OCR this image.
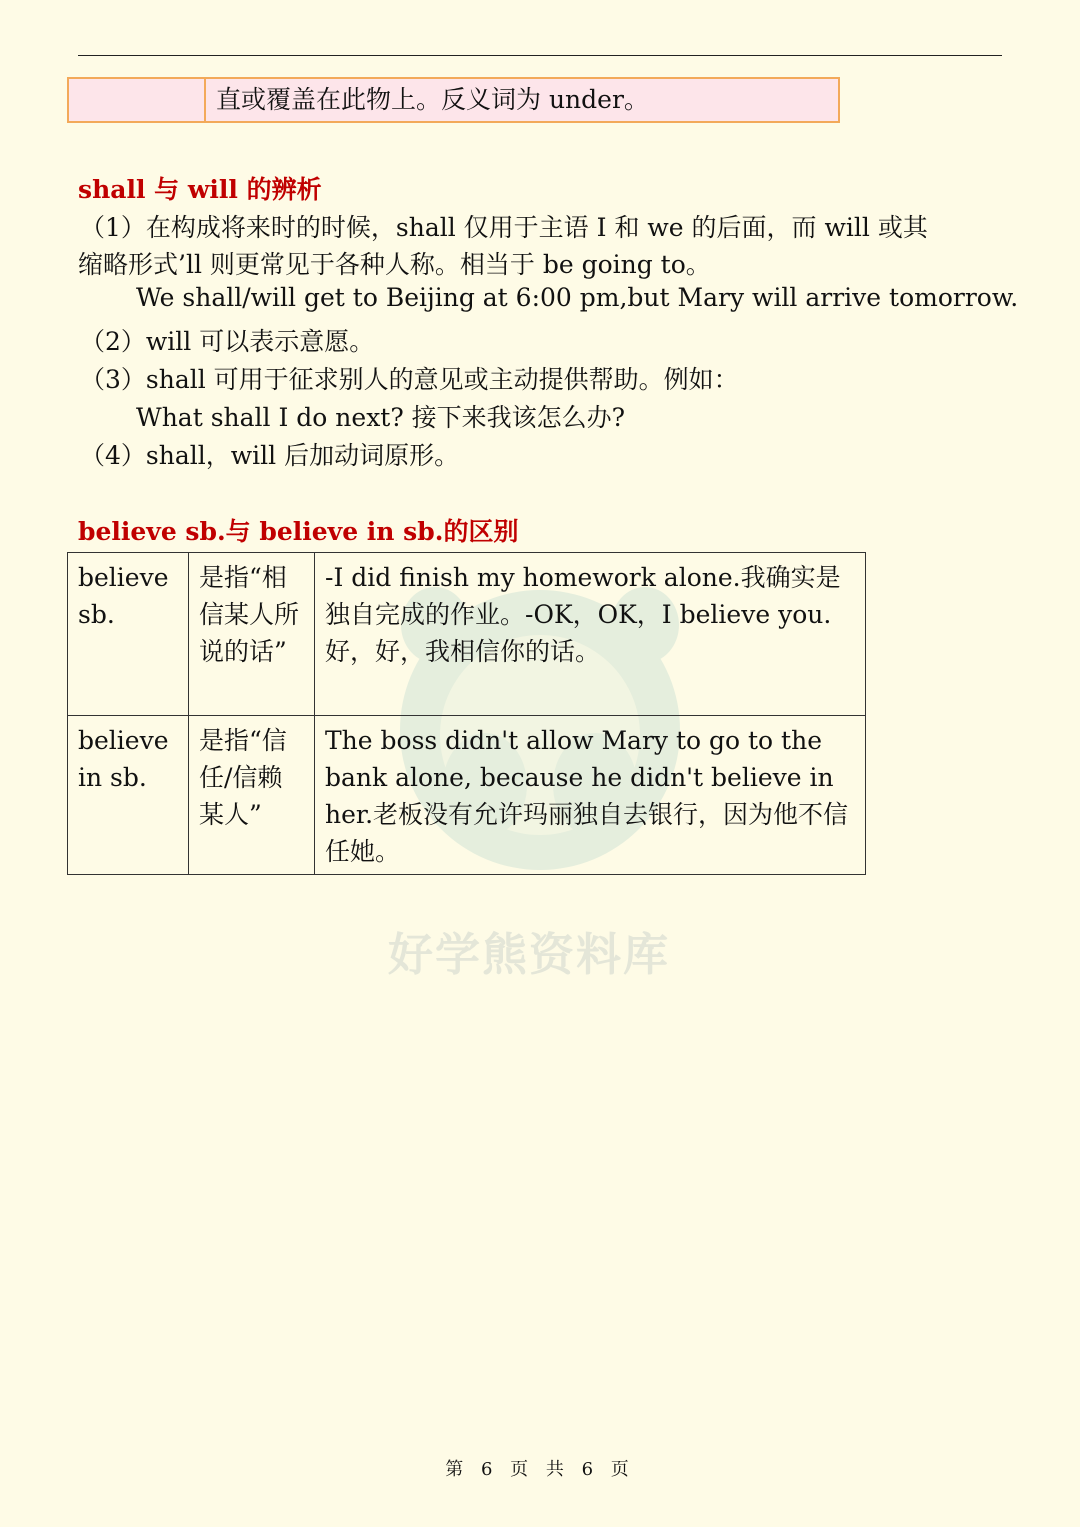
直或覆盖在此物上。反义词为 under。
shall 与 will 的辨析
（1）在构成将来时的时候，shall 仅用于主语 I 和 we 的后面，而 will 或其
缩略形式’ll 则更常见于各种人称。相当于 be going to。
We shall/will get to Beijing at 6:00 pm,but Mary will arrive tomorrow.
（2）will 可以表示意愿。
（3）shall 可用于征求别人的意见或主动提供帮助。例如：
What shall I do next? 接下来我该怎么办?
（4）shall，will 后加动词原形。
believe sb.与 believe in sb.的区别
believe sb.	是指“相信某人所说的话”	-I did finish my homework alone.我确实是独自完成的作业。-OK，OK，I believe you.好，好，我相信你的话。
believe in sb.	是指“信任/信赖某人”	The boss didn't allow Mary to go to the bank alone, because he didn't believe in her.老板没有允许玛丽独自去银行，因为他不信任她。
好学熊资料库
第 6 页 共 6 页
